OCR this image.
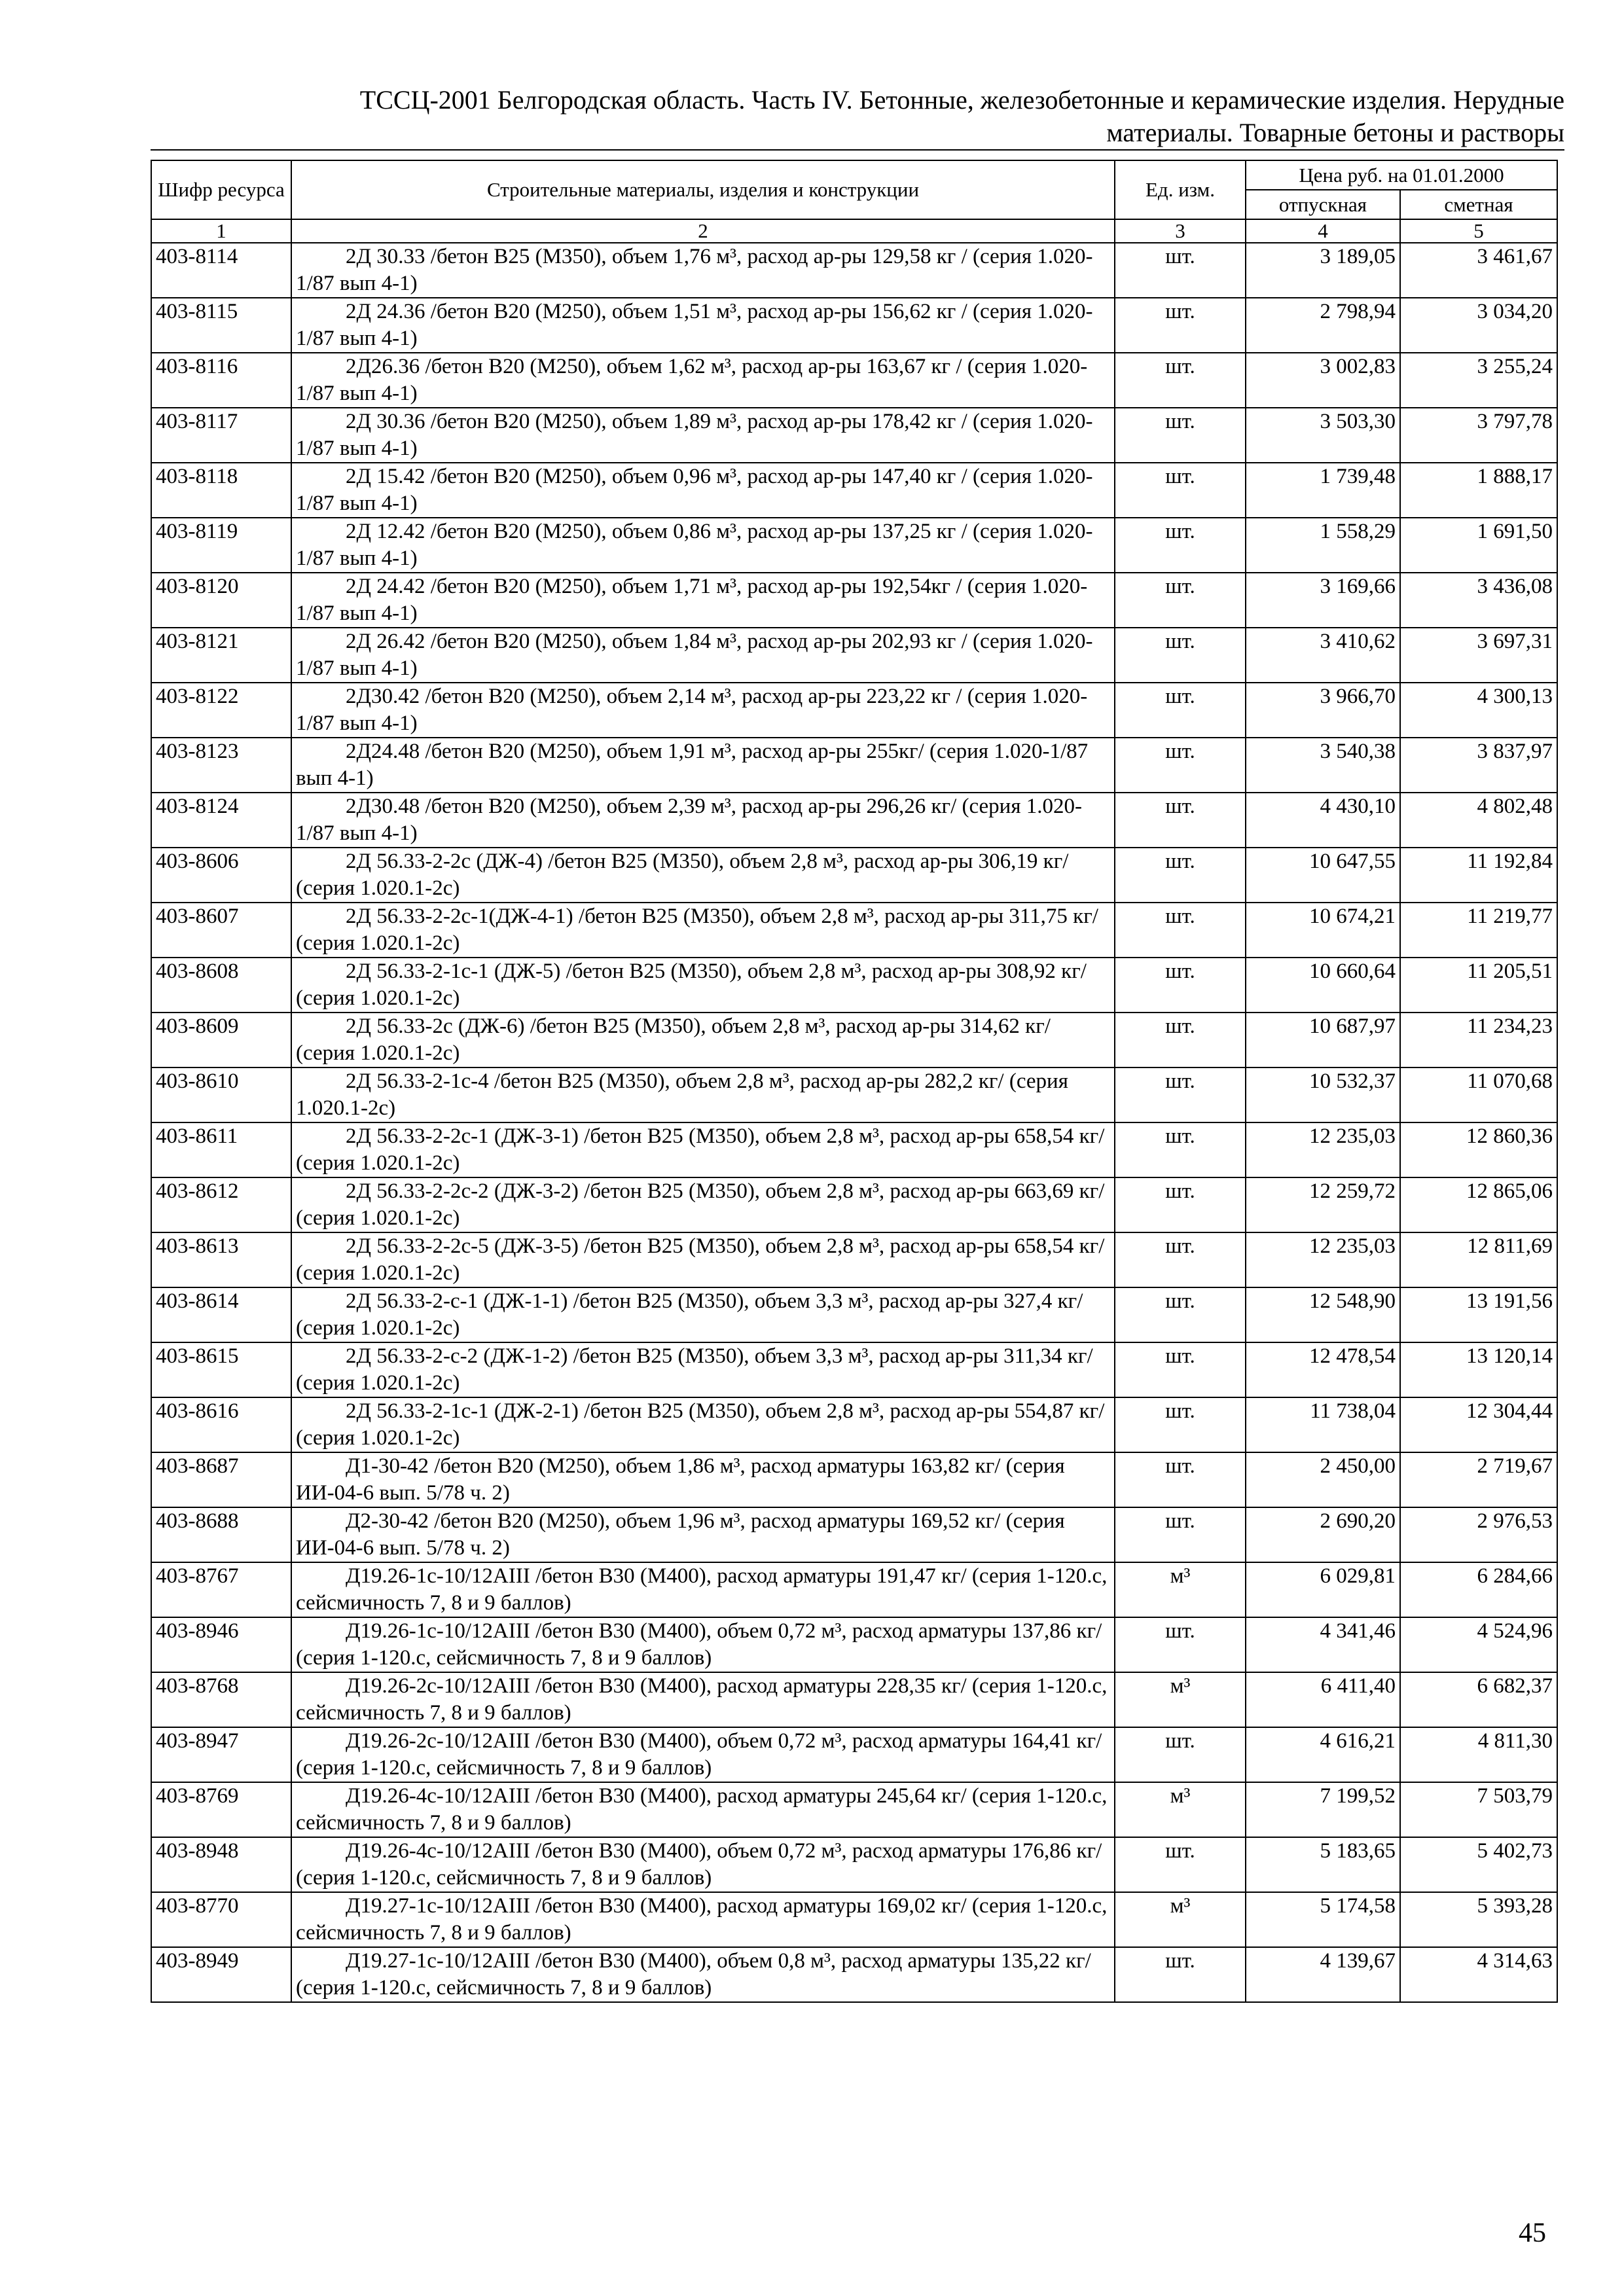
ТССЦ-2001 Белгородская область. Часть IV. Бетонные, железобетонные и керамические изделия. Нерудные
материалы. Товарные бетоны и растворы
Шифр ресурса	Строительные материалы, изделия и конструкции	Ед. изм.	Цена руб. на 01.01.2000	
			отпускная	сметная
1	2	3	4	5
403-8114	2Д 30.33 /бетон В25 (М350), объем 1,76 м³, расход ар-ры 129,58 кг / (серия 1.020-1/87 вып 4-1)	шт.	3 189,05	3 461,67
403-8115	2Д 24.36 /бетон В20 (М250), объем 1,51 м³, расход ар-ры 156,62 кг / (серия 1.020-1/87 вып 4-1)	шт.	2 798,94	3 034,20
403-8116	2Д26.36 /бетон В20 (М250), объем 1,62 м³, расход ар-ры 163,67 кг / (серия 1.020-1/87 вып 4-1)	шт.	3 002,83	3 255,24
403-8117	2Д 30.36 /бетон В20 (М250), объем 1,89 м³, расход ар-ры 178,42 кг / (серия 1.020-1/87 вып 4-1)	шт.	3 503,30	3 797,78
403-8118	2Д 15.42 /бетон В20 (М250), объем 0,96 м³, расход ар-ры 147,40 кг / (серия 1.020-1/87 вып 4-1)	шт.	1 739,48	1 888,17
403-8119	2Д 12.42 /бетон В20 (М250), объем 0,86 м³, расход ар-ры 137,25 кг / (серия 1.020-1/87 вып 4-1)	шт.	1 558,29	1 691,50
403-8120	2Д 24.42 /бетон В20 (М250), объем 1,71 м³, расход ар-ры 192,54кг / (серия 1.020-1/87 вып 4-1)	шт.	3 169,66	3 436,08
403-8121	2Д 26.42 /бетон В20 (М250), объем 1,84 м³, расход ар-ры 202,93 кг / (серия 1.020-1/87 вып 4-1)	шт.	3 410,62	3 697,31
403-8122	2Д30.42 /бетон В20 (М250), объем 2,14 м³, расход ар-ры 223,22 кг / (серия 1.020-1/87 вып 4-1)	шт.	3 966,70	4 300,13
403-8123	2Д24.48 /бетон В20 (М250), объем 1,91 м³, расход ар-ры 255кг/ (серия 1.020-1/87 вып 4-1)	шт.	3 540,38	3 837,97
403-8124	2Д30.48 /бетон В20 (М250), объем 2,39 м³, расход ар-ры 296,26 кг/ (серия 1.020-1/87 вып 4-1)	шт.	4 430,10	4 802,48
403-8606	2Д 56.33-2-2с (ДЖ-4) /бетон В25 (М350), объем 2,8 м³, расход ар-ры 306,19 кг/ (серия 1.020.1-2с)	шт.	10 647,55	11 192,84
403-8607	2Д 56.33-2-2с-1(ДЖ-4-1) /бетон В25 (М350), объем 2,8 м³, расход ар-ры 311,75 кг/ (серия 1.020.1-2с)	шт.	10 674,21	11 219,77
403-8608	2Д 56.33-2-1с-1 (ДЖ-5) /бетон В25 (М350), объем 2,8 м³, расход ар-ры 308,92 кг/ (серия 1.020.1-2с)	шт.	10 660,64	11 205,51
403-8609	2Д 56.33-2с (ДЖ-6) /бетон В25 (М350), объем 2,8 м³, расход ар-ры 314,62 кг/ (серия 1.020.1-2с)	шт.	10 687,97	11 234,23
403-8610	2Д 56.33-2-1с-4 /бетон В25 (М350), объем 2,8 м³, расход ар-ры 282,2 кг/ (серия 1.020.1-2с)	шт.	10 532,37	11 070,68
403-8611	2Д 56.33-2-2с-1 (ДЖ-3-1) /бетон В25 (М350), объем 2,8 м³, расход ар-ры 658,54 кг/ (серия 1.020.1-2с)	шт.	12 235,03	12 860,36
403-8612	2Д 56.33-2-2с-2 (ДЖ-3-2) /бетон В25 (М350), объем 2,8 м³, расход ар-ры 663,69 кг/ (серия 1.020.1-2с)	шт.	12 259,72	12 865,06
403-8613	2Д 56.33-2-2с-5 (ДЖ-3-5) /бетон В25 (М350), объем 2,8 м³, расход ар-ры 658,54 кг/ (серия 1.020.1-2с)	шт.	12 235,03	12 811,69
403-8614	2Д 56.33-2-с-1 (ДЖ-1-1) /бетон В25 (М350), объем 3,3 м³, расход ар-ры 327,4 кг/ (серия 1.020.1-2с)	шт.	12 548,90	13 191,56
403-8615	2Д 56.33-2-с-2 (ДЖ-1-2) /бетон В25 (М350), объем 3,3 м³, расход ар-ры 311,34 кг/ (серия 1.020.1-2с)	шт.	12 478,54	13 120,14
403-8616	2Д 56.33-2-1с-1 (ДЖ-2-1) /бетон В25 (М350), объем 2,8 м³, расход ар-ры 554,87 кг/ (серия 1.020.1-2с)	шт.	11 738,04	12 304,44
403-8687	Д1-30-42 /бетон В20 (М250), объем 1,86 м³, расход арматуры 163,82 кг/ (серия ИИ-04-6 вып. 5/78 ч. 2)	шт.	2 450,00	2 719,67
403-8688	Д2-30-42 /бетон В20 (М250), объем 1,96 м³, расход арматуры 169,52 кг/ (серия ИИ-04-6 вып. 5/78 ч. 2)	шт.	2 690,20	2 976,53
403-8767	Д19.26-1с-10/12АIII /бетон В30 (М400), расход арматуры 191,47 кг/ (серия 1-120.с, сейсмичность 7, 8 и 9 баллов)	м³	6 029,81	6 284,66
403-8946	Д19.26-1с-10/12АIII /бетон В30 (М400), объем 0,72 м³, расход арматуры 137,86 кг/ (серия 1-120.с, сейсмичность 7, 8 и 9 баллов)	шт.	4 341,46	4 524,96
403-8768	Д19.26-2с-10/12АIII /бетон В30 (М400), расход арматуры 228,35 кг/ (серия 1-120.с, сейсмичность 7, 8 и 9 баллов)	м³	6 411,40	6 682,37
403-8947	Д19.26-2с-10/12АIII /бетон В30 (М400), объем 0,72 м³, расход арматуры 164,41 кг/ (серия 1-120.с, сейсмичность 7, 8 и 9 баллов)	шт.	4 616,21	4 811,30
403-8769	Д19.26-4с-10/12АIII /бетон В30 (М400), расход арматуры 245,64 кг/ (серия 1-120.с, сейсмичность 7, 8 и 9 баллов)	м³	7 199,52	7 503,79
403-8948	Д19.26-4с-10/12АIII /бетон В30 (М400), объем 0,72 м³, расход арматуры 176,86 кг/ (серия 1-120.с, сейсмичность 7, 8 и 9 баллов)	шт.	5 183,65	5 402,73
403-8770	Д19.27-1с-10/12АIII /бетон В30 (М400), расход арматуры 169,02 кг/ (серия 1-120.с, сейсмичность 7, 8 и 9 баллов)	м³	5 174,58	5 393,28
403-8949	Д19.27-1с-10/12АIII /бетон В30 (М400), объем 0,8 м³, расход арматуры 135,22 кг/ (серия 1-120.с, сейсмичность 7, 8 и 9 баллов)	шт.	4 139,67	4 314,63
45
